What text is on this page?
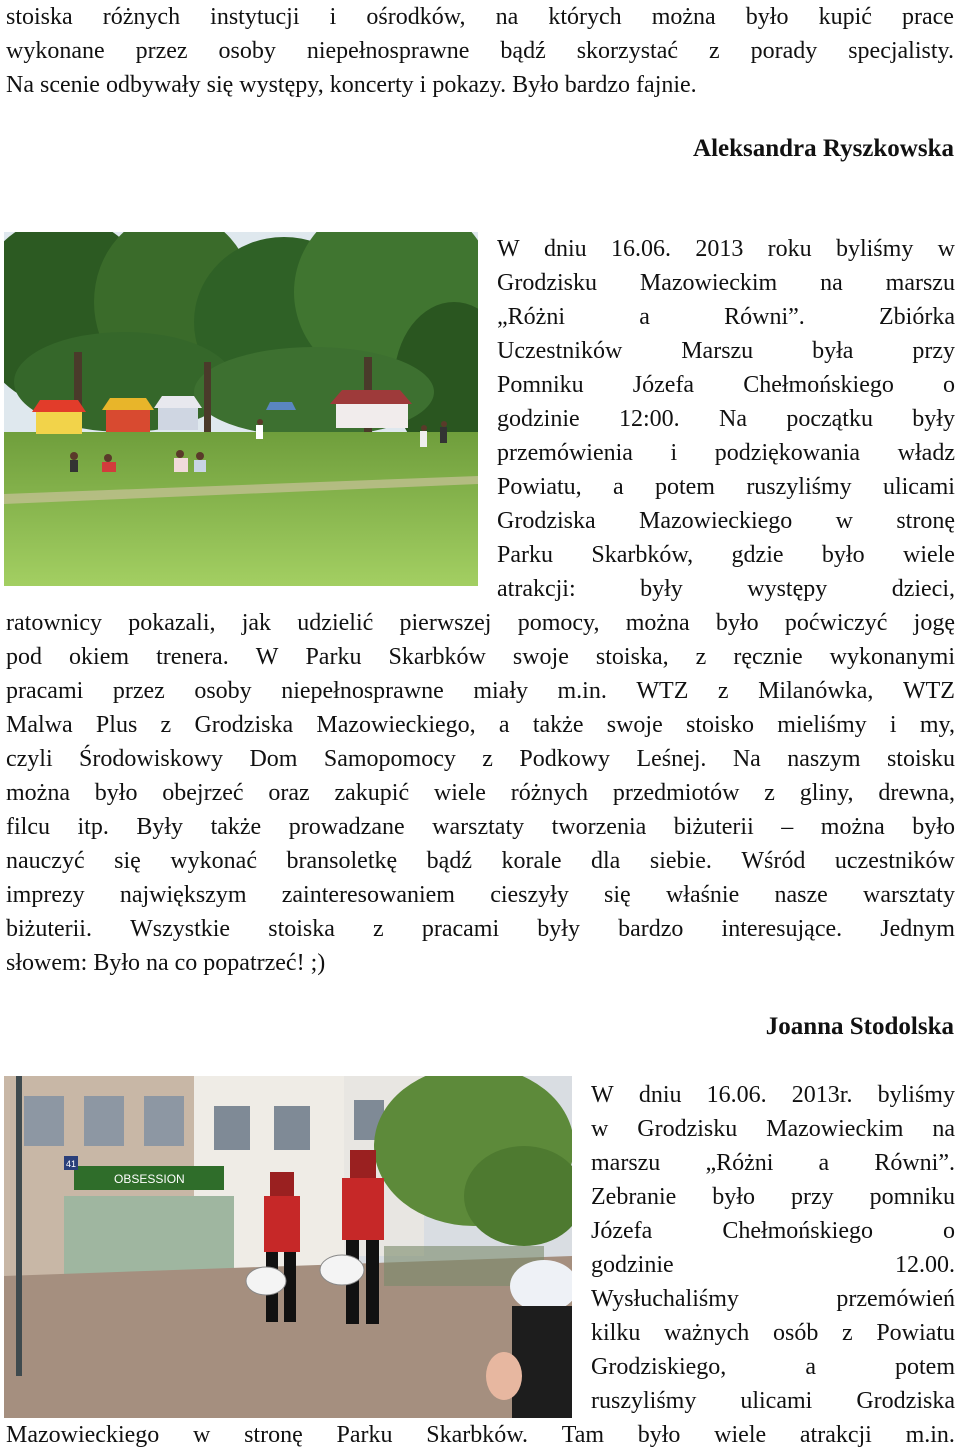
stoiska różnych instytucji i ośrodków, na których można było kupić prace
wykonane przez osoby niepełnosprawne bądź skorzystać z porady specjalisty.
Na scenie odbywały się występy, koncerty i pokazy. Było bardzo fajnie.
Aleksandra Ryszkowska
W dniu 16.06. 2013 roku byliśmy w
Grodzisku Mazowieckim na marszu
„Różni	a	Równi”.	Zbiórka
Uczestników Marszu była przy
Pomniku Józefa Chełmońskiego o
godzinie 12:00. Na początku były
przemówienia i podziękowania władz
Powiatu, a potem ruszyliśmy ulicami
Grodziska Mazowieckiego w stronę
Parku Skarbków, gdzie było wiele
atrakcji:	były	występy	dzieci,
ratownicy pokazali, jak udzielić pierwszej pomocy, można było poćwiczyć jogę
pod okiem trenera. W Parku Skarbków swoje stoiska, z ręcznie wykonanymi
pracami przez osoby niepełnosprawne miały m.in. WTZ z Milanówka, WTZ
Malwa Plus z Grodziska Mazowieckiego, a także swoje stoisko mieliśmy i my,
czyli Środowiskowy Dom Samopomocy z Podkowy Leśnej. Na naszym stoisku
można było obejrzeć oraz zakupić wiele różnych przedmiotów z gliny, drewna,
filcu itp. Były także prowadzane warsztaty tworzenia biżuterii – można było
nauczyć się wykonać bransoletkę bądź korale dla siebie. Wśród uczestników
imprezy największym zainteresowaniem cieszyły się właśnie nasze warsztaty
biżuterii. Wszystkie stoiska z pracami były bardzo interesujące. Jednym
słowem: Było na co popatrzeć! ;)
Joanna Stodolska
OBSESSION
41
W dniu 16.06. 2013r. byliśmy
w Grodzisku Mazowieckim na
marszu „Różni a Równi”.
Zebranie było przy pomniku
Józefa	Chełmońskiego	o
godzinie	12.00.
Wysłuchaliśmy	przemówień
kilku ważnych osób z Powiatu
Grodziskiego,	a	potem
ruszyliśmy ulicami Grodziska
Mazowieckiego w stronę Parku Skarbków. Tam było wiele atrakcji m.in.
